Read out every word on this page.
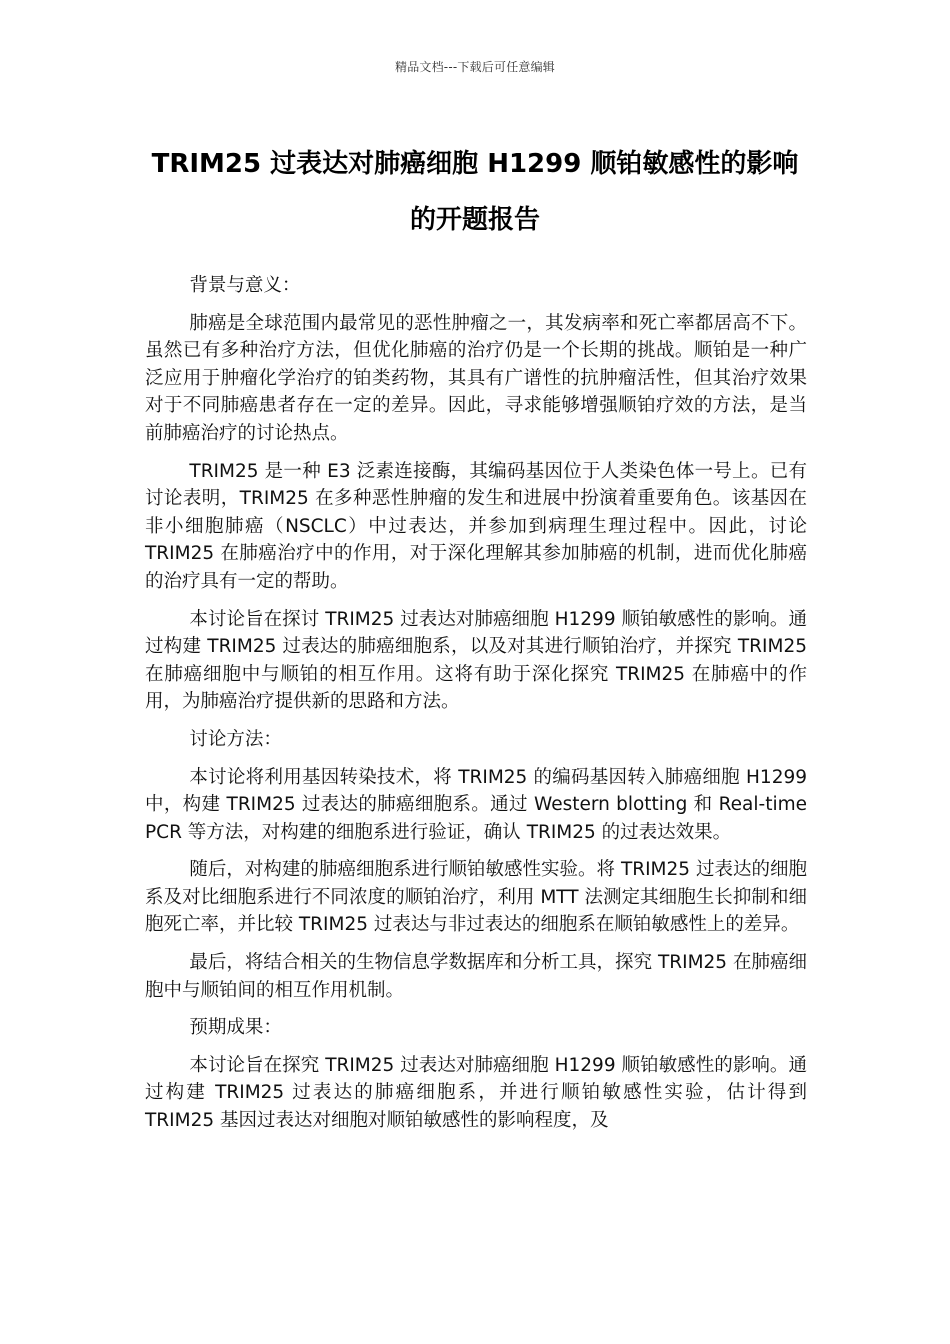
精品文档---下载后可任意编辑
TRIM25 过表达对肺癌细胞 H1299 顺铂敏感性的影响的开题报告
背景与意义：

肺癌是全球范围内最常见的恶性肿瘤之一，其发病率和死亡率都居高不下。虽然已有多种治疗方法，但优化肺癌的治疗仍是一个长期的挑战。顺铂是一种广泛应用于肿瘤化学治疗的铂类药物，其具有广谱性的抗肿瘤活性，但其治疗效果对于不同肺癌患者存在一定的差异。因此，寻求能够增强顺铂疗效的方法，是当前肺癌治疗的讨论热点。

TRIM25 是一种 E3 泛素连接酶，其编码基因位于人类染色体一号上。已有讨论表明，TRIM25 在多种恶性肿瘤的发生和进展中扮演着重要角色。该基因在非小细胞肺癌（NSCLC）中过表达，并参加到病理生理过程中。因此，讨论 TRIM25 在肺癌治疗中的作用，对于深化理解其参加肺癌的机制，进而优化肺癌的治疗具有一定的帮助。

本讨论旨在探讨 TRIM25 过表达对肺癌细胞 H1299 顺铂敏感性的影响。通过构建 TRIM25 过表达的肺癌细胞系，以及对其进行顺铂治疗，并探究 TRIM25 在肺癌细胞中与顺铂的相互作用。这将有助于深化探究 TRIM25 在肺癌中的作用，为肺癌治疗提供新的思路和方法。

讨论方法：

本讨论将利用基因转染技术，将 TRIM25 的编码基因转入肺癌细胞 H1299 中，构建 TRIM25 过表达的肺癌细胞系。通过 Western blotting 和 Real-time PCR 等方法，对构建的细胞系进行验证，确认 TRIM25 的过表达效果。

随后，对构建的肺癌细胞系进行顺铂敏感性实验。将 TRIM25 过表达的细胞系及对比细胞系进行不同浓度的顺铂治疗，利用 MTT 法测定其细胞生长抑制和细胞死亡率，并比较 TRIM25 过表达与非过表达的细胞系在顺铂敏感性上的差异。

最后，将结合相关的生物信息学数据库和分析工具，探究 TRIM25 在肺癌细胞中与顺铂间的相互作用机制。

预期成果：

本讨论旨在探究 TRIM25 过表达对肺癌细胞 H1299 顺铂敏感性的影响。通过构建 TRIM25 过表达的肺癌细胞系，并进行顺铂敏感性实验，估计得到 TRIM25 基因过表达对细胞对顺铂敏感性的影响程度，及
